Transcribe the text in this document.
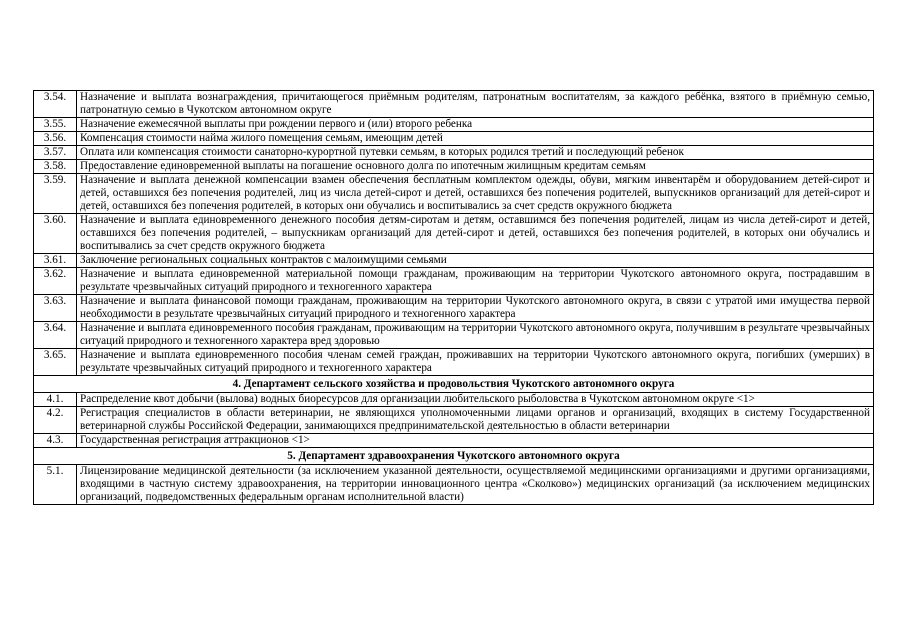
3.54.	Назначение и выплата вознаграждения, причитающегося приёмным родителям, патронатным воспитателям, за каждого ребёнка, взятого в приёмную семью, патронатную семью в Чукотском автономном округе
3.55.	Назначение ежемесячной выплаты при рождении первого и (или) второго ребенка
3.56.	Компенсация стоимости найма жилого помещения семьям, имеющим детей
3.57.	Оплата или компенсация стоимости санаторно-курортной путевки семьям, в которых родился третий и последующий ребенок
3.58.	Предоставление единовременной выплаты на погашение основного долга по ипотечным жилищным кредитам семьям
3.59.	Назначение и выплата денежной компенсации взамен обеспечения бесплатным комплектом одежды, обуви, мягким инвентарём и оборудованием детей-сирот и детей, оставшихся без попечения родителей, лиц из числа детей-сирот и детей, оставшихся без попечения родителей, выпускников организаций для детей-сирот и детей, оставшихся без попечения родителей, в которых они обучались и воспитывались за счет средств окружного бюджета
3.60.	Назначение и выплата единовременного денежного пособия детям-сиротам и детям, оставшимся без попечения родителей, лицам из числа детей-сирот и детей, оставшихся без попечения родителей, – выпускникам организаций для детей-сирот и детей, оставшихся без попечения родителей, в которых они обучались и воспитывались за счет средств окружного бюджета
3.61.	Заключение региональных социальных контрактов с малоимущими семьями
3.62.	Назначение и выплата единовременной материальной помощи гражданам, проживающим на территории Чукотского автономного округа, пострадавшим в результате чрезвычайных ситуаций природного и техногенного характера
3.63.	Назначение и выплата финансовой помощи гражданам, проживающим на территории Чукотского автономного округа, в связи с утратой ими имущества первой необходимости в результате чрезвычайных ситуаций природного и техногенного характера
3.64.	Назначение и выплата единовременного пособия гражданам, проживающим на территории Чукотского автономного округа, получившим в результате чрезвычайных ситуаций природного и техногенного характера вред здоровью
3.65.	Назначение и выплата единовременного пособия членам семей граждан, проживавших на территории Чукотского автономного округа, погибших (умерших) в результате чрезвычайных ситуаций природного и техногенного характера
4. Департамент сельского хозяйства и продовольствия Чукотского автономного округа	
4.1.	Распределение квот добычи (вылова) водных биоресурсов для организации любительского рыболовства в Чукотском автономном округе <1>
4.2.	Регистрация специалистов в области ветеринарии, не являющихся уполномоченными лицами органов и организаций, входящих в систему Государственной ветеринарной службы Российской Федерации, занимающихся предпринимательской деятельностью в области ветеринарии
4.3.	Государственная регистрация аттракционов <1>
5. Департамент здравоохранения Чукотского автономного округа	
5.1.	Лицензирование медицинской деятельности (за исключением указанной деятельности, осуществляемой медицинскими организациями и другими организациями, входящими в частную систему здравоохранения, на территории инновационного центра «Сколково») медицинских организаций (за исключением медицинских организаций, подведомственных федеральным органам исполнительной власти)
